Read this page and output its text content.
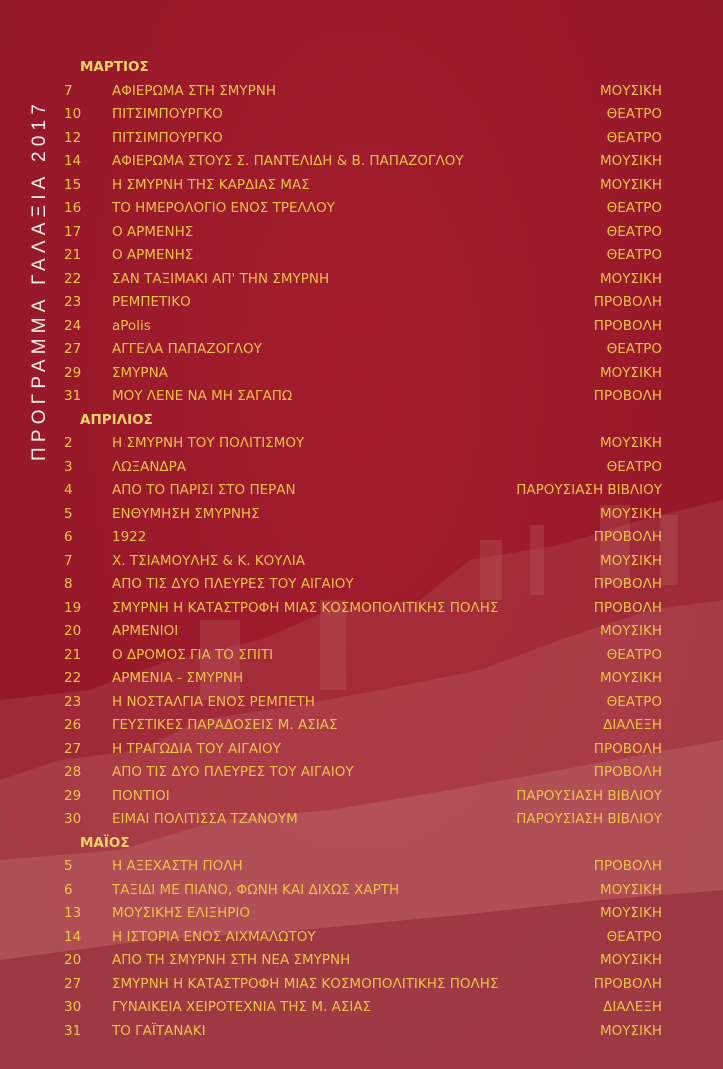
ΠΡΟΓΡΑΜΜΑ ΓΑΛΑΞΙΑ 2017
ΜΑΡΤΙΟΣ
7	ΑΦΙΕΡΩΜΑ ΣΤΗ ΣΜΥΡΝΗ	ΜΟΥΣΙΚΗ
10	ΠΙΤΣΙΜΠΟΥΡΓΚΟ	ΘΕΑΤΡΟ
12	ΠΙΤΣΙΜΠΟΥΡΓΚΟ	ΘΕΑΤΡΟ
14	ΑΦΙΕΡΩΜΑ ΣΤΟΥΣ Σ. ΠΑΝΤΕΛΙΔΗ & Β. ΠΑΠΑΖΟΓΛΟΥ	ΜΟΥΣΙΚΗ
15	Η ΣΜΥΡΝΗ ΤΗΣ ΚΑΡΔΙΑΣ ΜΑΣ	ΜΟΥΣΙΚΗ
16	ΤΟ ΗΜΕΡΟΛΟΓΙΟ ΕΝΟΣ ΤΡΕΛΛΟΥ	ΘΕΑΤΡΟ
17	Ο ΑΡΜΕΝΗΣ	ΘΕΑΤΡΟ
21	Ο ΑΡΜΕΝΗΣ	ΘΕΑΤΡΟ
22	ΣΑΝ ΤΑΞΙΜΑΚΙ ΑΠ' ΤΗΝ ΣΜΥΡΝΗ	ΜΟΥΣΙΚΗ
23	ΡΕΜΠΕΤΙΚΟ	ΠΡΟΒΟΛΗ
24	aPolis	ΠΡΟΒΟΛΗ
27	ΑΓΓΕΛΑ ΠΑΠΑΖΟΓΛΟΥ	ΘΕΑΤΡΟ
29	ΣΜΥΡΝΑ	ΜΟΥΣΙΚΗ
31	ΜΟΥ ΛΕΝΕ ΝΑ ΜΗ ΣΑΓΑΠΩ	ΠΡΟΒΟΛΗ
ΑΠΡΙΛΙΟΣ
2	Η ΣΜΥΡΝΗ ΤΟΥ ΠΟΛΙΤΙΣΜΟΥ	ΜΟΥΣΙΚΗ
3	ΛΩΞΑΝΔΡΑ	ΘΕΑΤΡΟ
4	ΑΠΟ ΤΟ ΠΑΡΙΣΙ ΣΤΟ ΠΕΡΑΝ	ΠΑΡΟΥΣΙΑΣΗ ΒΙΒΛΙΟΥ
5	ΕΝΘΥΜΗΣΗ ΣΜΥΡΝΗΣ	ΜΟΥΣΙΚΗ
6	1922	ΠΡΟΒΟΛΗ
7	Χ. ΤΣΙΑΜΟΥΛΗΣ & Κ. ΚΟΥΛΙΑ	ΜΟΥΣΙΚΗ
8	ΑΠΟ ΤΙΣ ΔΥΟ ΠΛΕΥΡΕΣ ΤΟΥ ΑΙΓΑΙΟΥ	ΠΡΟΒΟΛΗ
19	ΣΜΥΡΝΗ Η ΚΑΤΑΣΤΡΟΦΗ ΜΙΑΣ ΚΟΣΜΟΠΟΛΙΤΙΚΗΣ ΠΟΛΗΣ	ΠΡΟΒΟΛΗ
20	ΑΡΜΕΝΙΟΙ	ΜΟΥΣΙΚΗ
21	Ο ΔΡΟΜΟΣ ΓΙΑ ΤΟ ΣΠΙΤΙ	ΘΕΑΤΡΟ
22	ΑΡΜΕΝΙΑ - ΣΜΥΡΝΗ	ΜΟΥΣΙΚΗ
23	Η ΝΟΣΤΑΛΓΙΑ ΕΝΟΣ ΡΕΜΠΕΤΗ	ΘΕΑΤΡΟ
26	ΓΕΥΣΤΙΚΕΣ ΠΑΡΑΔΟΣΕΙΣ Μ. ΑΣΙΑΣ	ΔΙΑΛΕΞΗ
27	Η ΤΡΑΓΩΔΙΑ ΤΟΥ ΑΙΓΑΙΟΥ	ΠΡΟΒΟΛΗ
28	ΑΠΟ ΤΙΣ ΔΥΟ ΠΛΕΥΡΕΣ ΤΟΥ ΑΙΓΑΙΟΥ	ΠΡΟΒΟΛΗ
29	ΠΟΝΤΙΟΙ	ΠΑΡΟΥΣΙΑΣΗ ΒΙΒΛΙΟΥ
30	ΕΙΜΑΙ ΠΟΛΙΤΙΣΣΑ ΤΖΑΝΟΥΜ	ΠΑΡΟΥΣΙΑΣΗ ΒΙΒΛΙΟΥ
ΜΑΪΟΣ
5	Η ΑΞΕΧΑΣΤΗ ΠΟΛΗ	ΠΡΟΒΟΛΗ
6	ΤΑΞΙΔΙ ΜΕ ΠΙΑΝΟ, ΦΩΝΗ ΚΑΙ ΔΙΧΩΣ ΧΑΡΤΗ	ΜΟΥΣΙΚΗ
13	ΜΟΥΣΙΚΗΣ ΕΛΙΞΗΡΙΟ	ΜΟΥΣΙΚΗ
14	Η ΙΣΤΟΡΙΑ ΕΝΟΣ ΑΙΧΜΑΛΩΤΟΥ	ΘΕΑΤΡΟ
20	ΑΠΟ ΤΗ ΣΜΥΡΝΗ ΣΤΗ ΝΕΑ ΣΜΥΡΝΗ	ΜΟΥΣΙΚΗ
27	ΣΜΥΡΝΗ Η ΚΑΤΑΣΤΡΟΦΗ ΜΙΑΣ ΚΟΣΜΟΠΟΛΙΤΙΚΗΣ ΠΟΛΗΣ	ΠΡΟΒΟΛΗ
30	ΓΥΝΑΙΚΕΙΑ ΧΕΙΡΟΤΕΧΝΙΑ ΤΗΣ Μ. ΑΣΙΑΣ	ΔΙΑΛΕΞΗ
31	ΤΟ ΓΑΪΤΑΝΑΚΙ	ΜΟΥΣΙΚΗ
